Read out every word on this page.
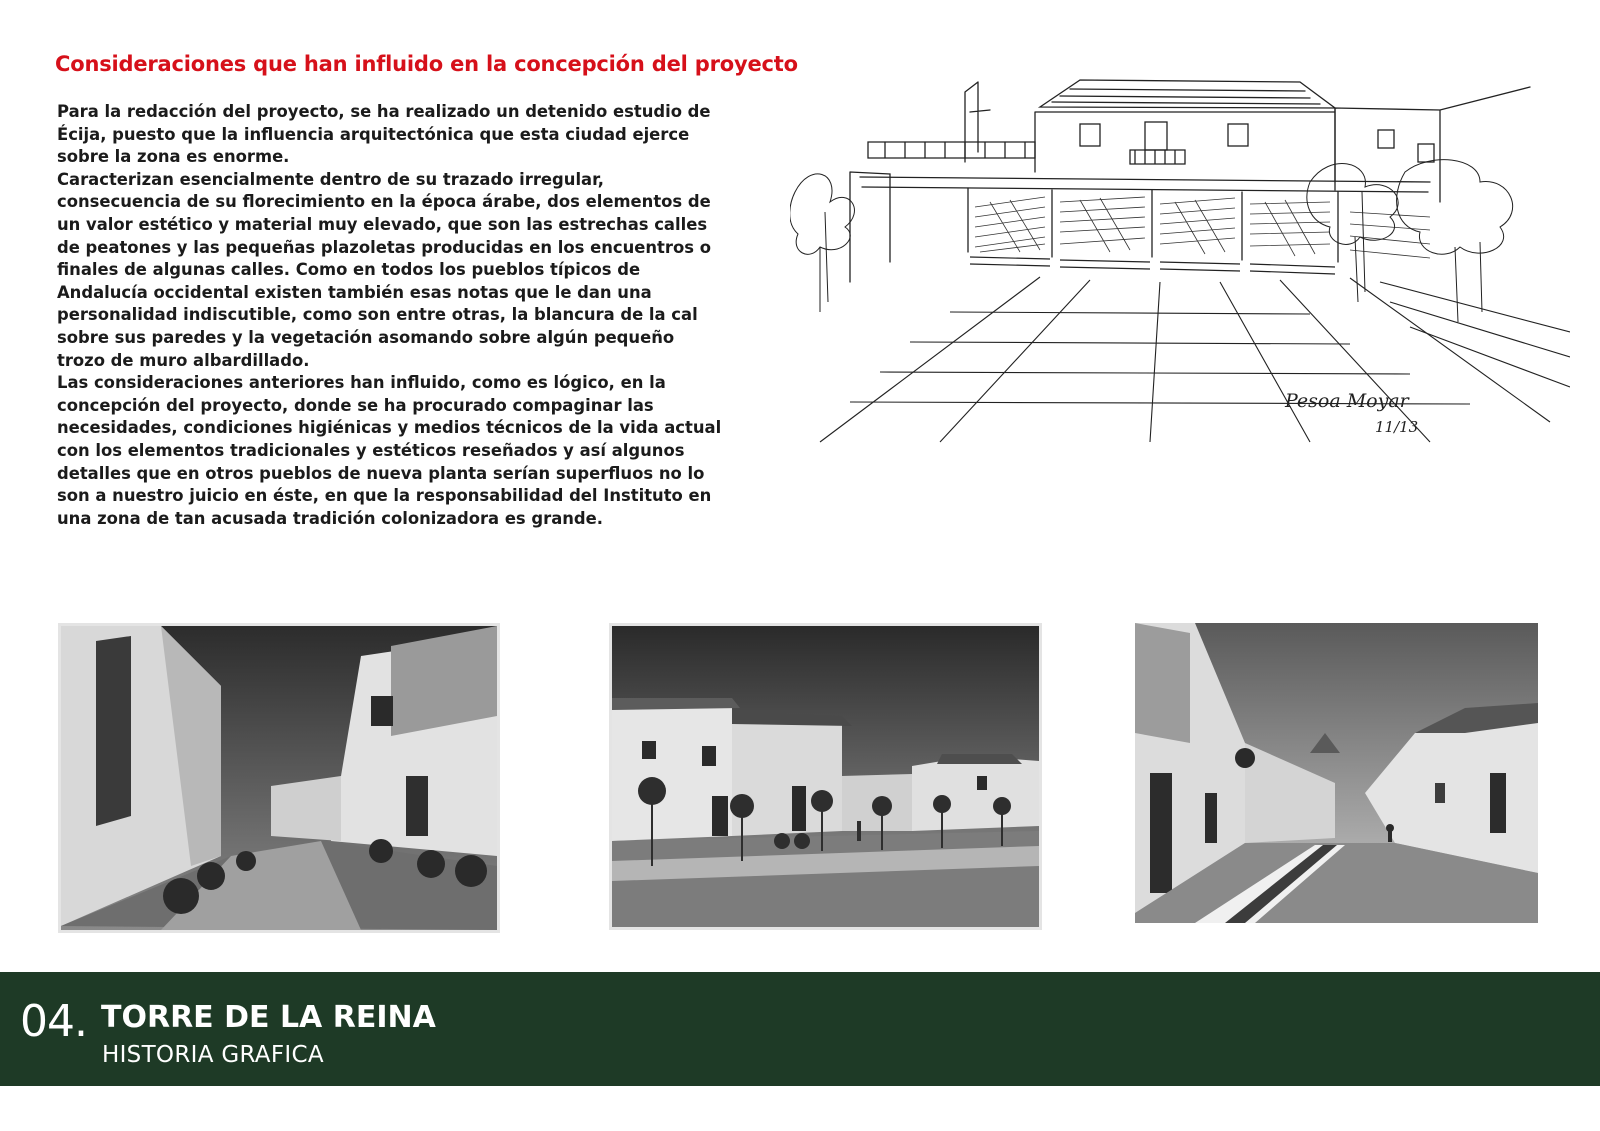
Consideraciones que han influido en la concepción del proyecto

Para la redacción del proyecto, se ha realizado un detenido estudio de Écija, puesto que la influencia arquitectónica que esta ciudad ejerce sobre la zona es enorme.

Caracterizan esencialmente dentro de su trazado irregular, consecuencia de su florecimiento en la época árabe, dos elementos de un valor estético y material muy elevado, que son las estrechas calles de peatones y las pequeñas plazoletas producidas en los encuentros o finales de algunas calles. Como en todos los pueblos típicos de Andalucía occidental existen también esas notas que le dan una personalidad indiscutible, como son entre otras, la blancura de la cal sobre sus paredes y la vegetación asomando sobre algún pequeño trozo de muro albardillado.

Las consideraciones anteriores han influido, como es lógico, en la concepción del proyecto, donde se ha procurado compaginar las necesidades, condiciones higiénicas y medios técnicos de la vida actual con los elementos tradicionales y estéticos reseñados y así algunos detalles que en otros pueblos de nueva planta serían superfluos no lo son a nuestro juicio en éste, en que la responsabilidad del Instituto en una zona de tan acusada tradición colonizadora es grande.

Pesoa Moyar
11/13
04. TORRE DE LA REINA
HISTORIA GRAFICA
